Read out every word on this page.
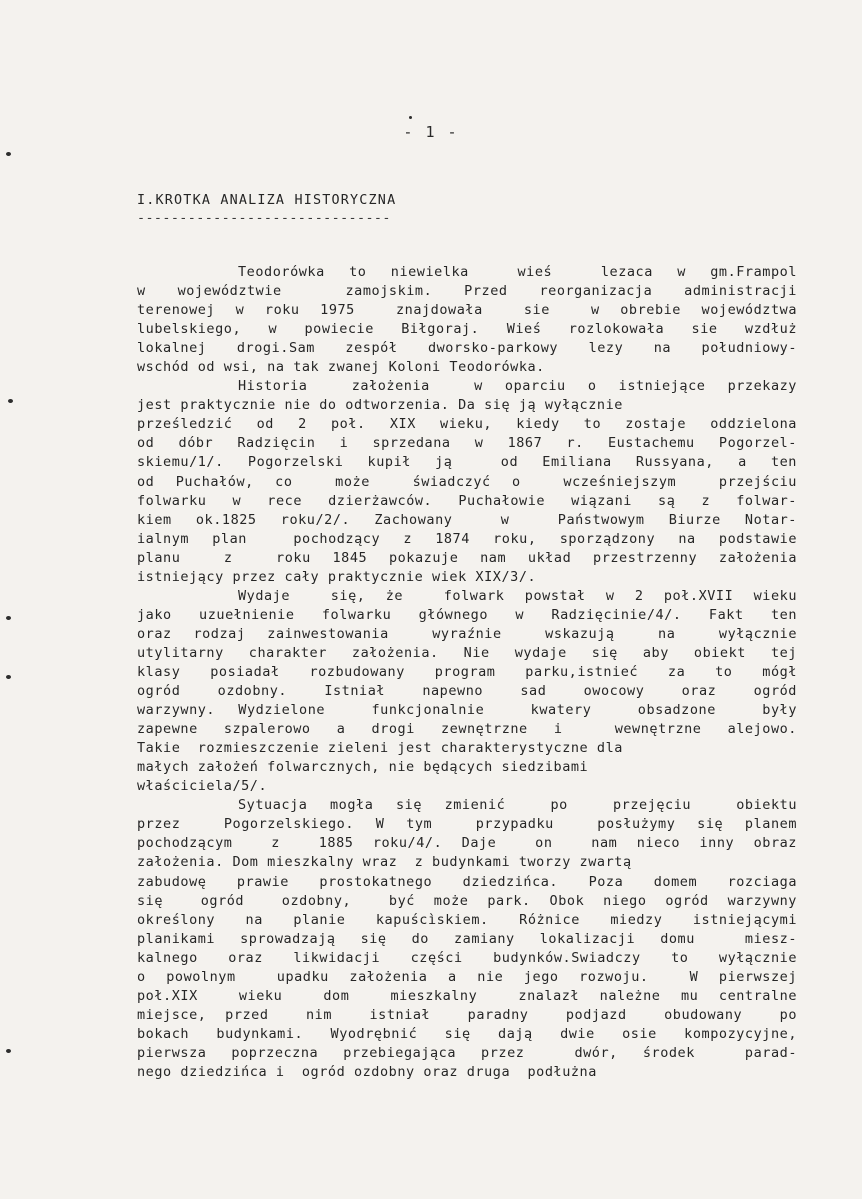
- 1 -
I.KROTKA ANALIZA HISTORYCZNA
------------------------------
Teodorówka to niewielka  wieś  lezaca w gm.Frampol
w województwie  zamojskim. Przed reorganizacja administracji
terenowej w roku 1975  znajdowała  sie  w obrebie województwa
lubelskiego, w powiecie Biłgoraj. Wieś rozlokowała sie wzdłuż
lokalnej drogi.Sam zespół dworsko-parkowy lezy na południowy-
wschód od wsi, na tak zwanej Koloni Teodorówka.
Historia  założenia  w oparciu o istniejące przekazy
jest praktycznie nie do odtworzenia. Da się ją wyłącznie
prześledzić od 2 poł. XIX wieku, kiedy to zostaje oddzielona
od dóbr Radzięcin i sprzedana w 1867 r. Eustachemu Pogorzel-
skiemu/1/. Pogorzelski kupił ją  od Emiliana Russyana, a ten
od Puchałów, co  może  świadczyć o  wcześniejszym  przejściu
folwarku w rece dzierżawców. Puchałowie wiązani są z folwar-
kiem ok.1825 roku/2/. Zachowany  w  Państwowym Biurze Notar-
ialnym plan  pochodzący z 1874 roku, sporządzony na podstawie
planu  z  roku 1845 pokazuje nam układ przestrzenny założenia
istniejący przez cały praktycznie wiek XIX/3/.
Wydaje  się, że  folwark powstał w 2 poł.XVII wieku
jako uzuełnienie folwarku głównego w Radzięcinie/4/. Fakt ten
oraz rodzaj zainwestowania  wyraźnie  wskazują  na  wyłącznie
utylitarny charakter założenia. Nie wydaje się aby obiekt tej
klasy posiadał rozbudowany program parku,istnieć za to mógł
ogród  ozdobny.  Istniał  napewno  sad  owocowy  oraz  ogród
warzywny. Wydzielone  funkcjonalnie  kwatery  obsadzone  były
zapewne szpalerowo a drogi zewnętrzne i  wewnętrzne alejowo.
Takie  rozmieszczenie zieleni jest charakterystyczne dla
małych założeń folwarcznych, nie będących siedzibami
właściciela/5/.
Sytuacja mogła się zmienić  po  przejęciu  obiektu
przez  Pogorzelskiego. W tym  przypadku  posłużymy się planem
pochodzącym  z  1885 roku/4/. Daje  on  nam nieco inny obraz
założenia. Dom mieszkalny wraz  z budynkami tworzy zwartą
zabudowę prawie prostokatnego dziedzińca. Poza domem rozciaga
się  ogród  ozdobny,  być może park. Obok niego ogród warzywny
określony na planie kapuścìskiem. Różnice miedzy istniejącymi
planikami sprowadzają się do zamiany lokalizacji domu  miesz-
kalnego oraz likwidacji części budynków.Swiadczy to wyłącznie
o powolnym  upadku założenia a nie jego rozwoju.  W pierwszej
poł.XIX  wieku  dom  mieszkalny  znalazł należne mu centralne
miejsce, przed  nim  istniał  paradny  podjazd  obudowany  po
bokach budynkami. Wyodrębnić się dają dwie osie kompozycyjne,
pierwsza poprzeczna przebiegająca przez  dwór, środek  parad-
nego dziedzińca i  ogród ozdobny oraz druga  podłużna
